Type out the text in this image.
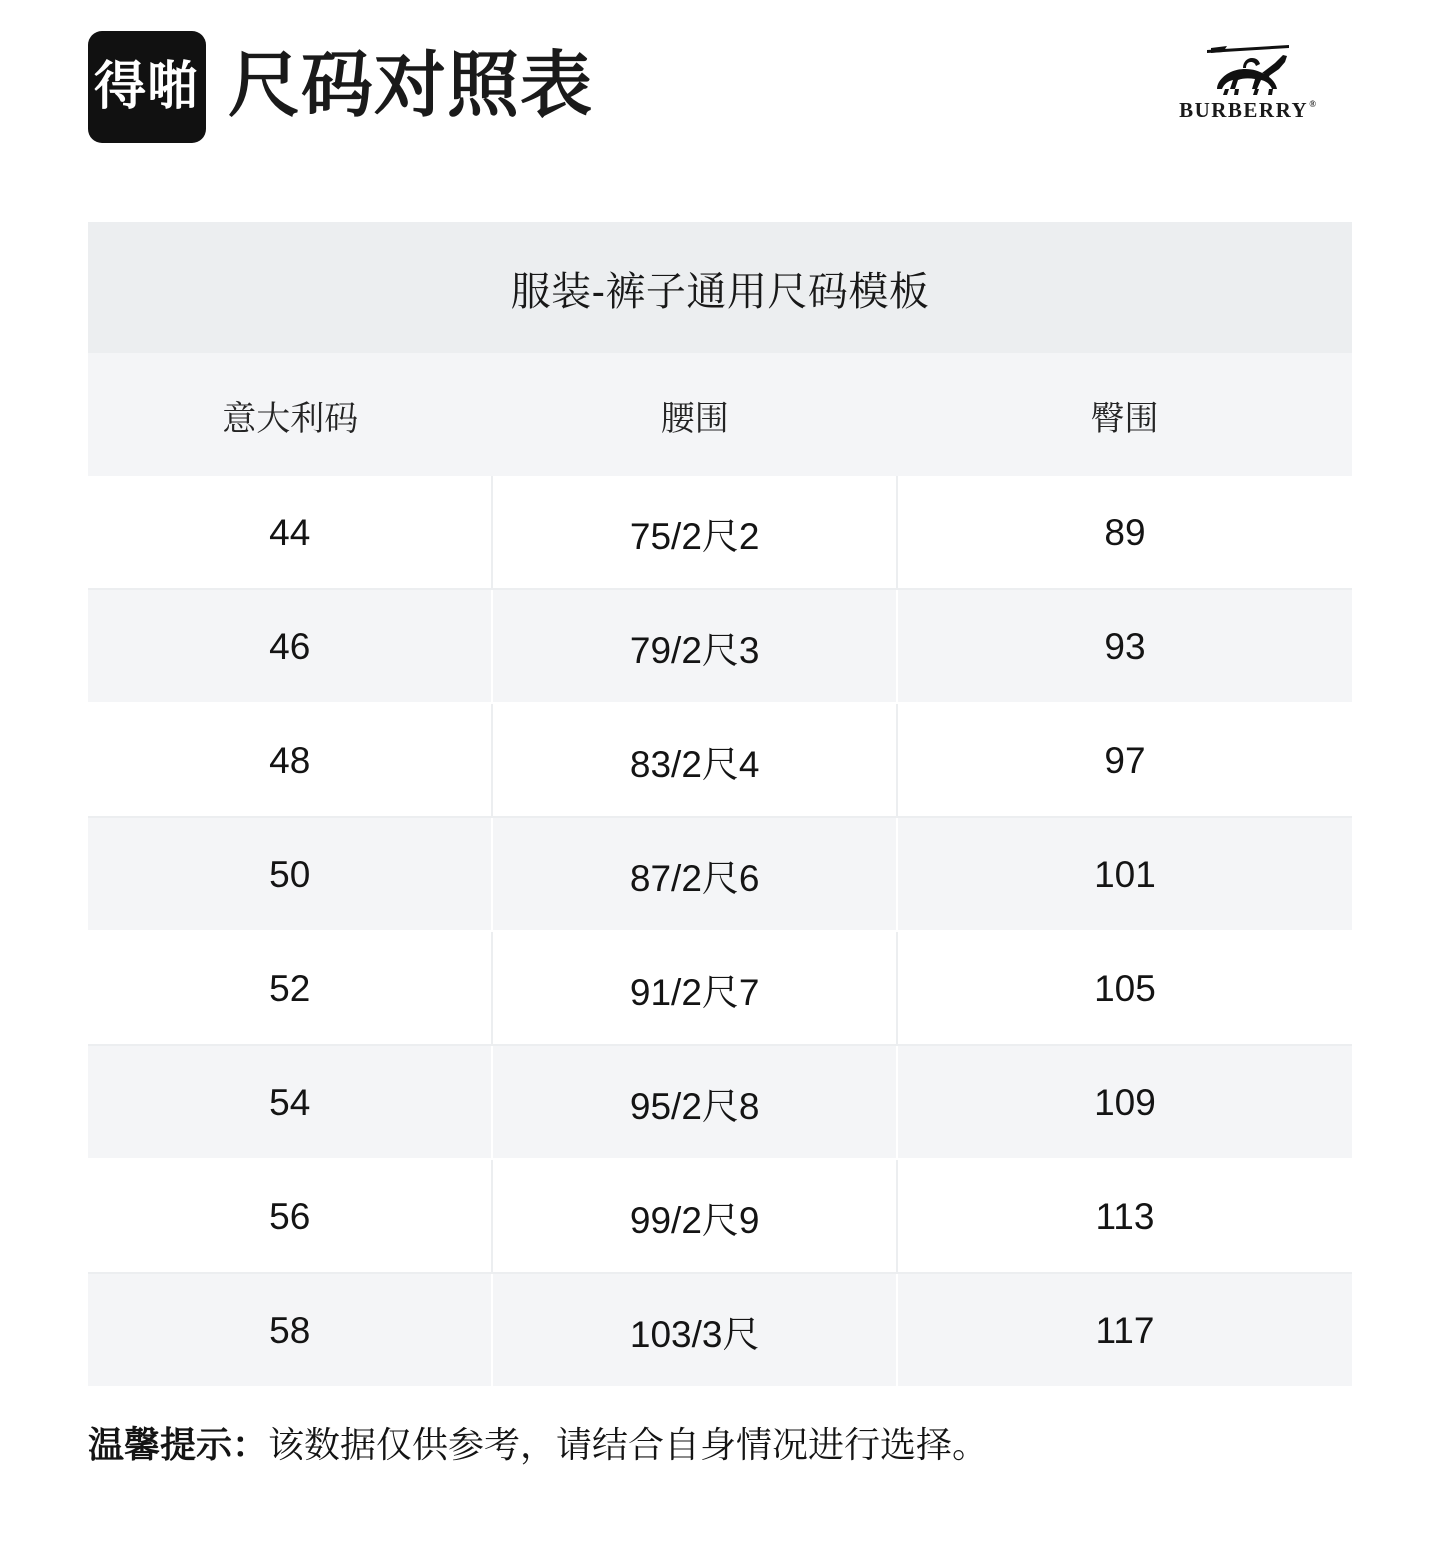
得啪 尺码对照表	BURBERRY®
服装-裤子通用尺码模板
意大利码	腰围	臀围
44	75/2尺2	89
46	79/2尺3	93
48	83/2尺4	97
50	87/2尺6	101
52	91/2尺7	105
54	95/2尺8	109
56	99/2尺9	113
58	103/3尺	117
温馨提示：该数据仅供参考，请结合自身情况进行选择。
